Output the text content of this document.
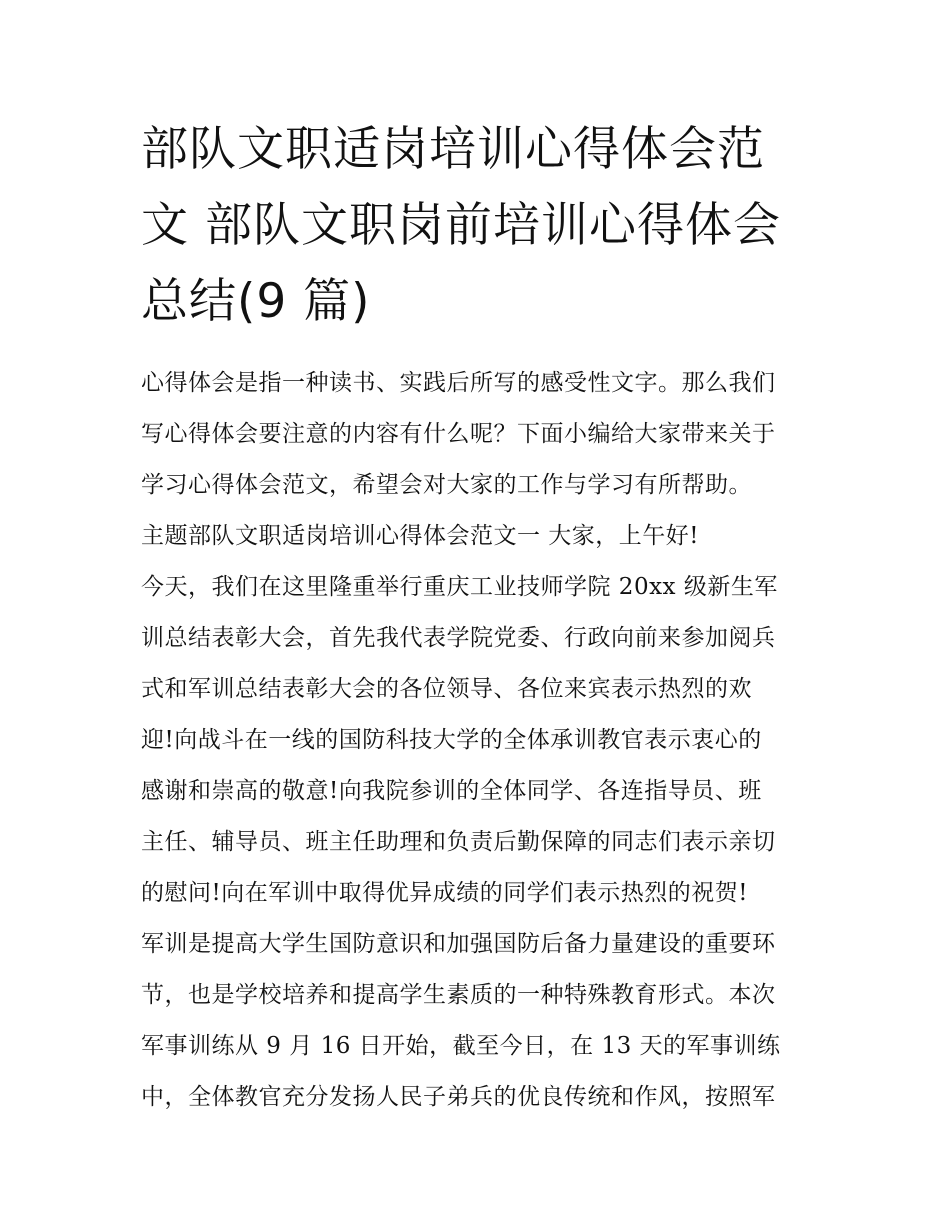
部队文职适岗培训心得体会范
文 部队文职岗前培训心得体会
总结(9 篇)
心得体会是指一种读书、实践后所写的感受性文字。那么我们
写心得体会要注意的内容有什么呢？下面小编给大家带来关于
学习心得体会范文，希望会对大家的工作与学习有所帮助。
主题部队文职适岗培训心得体会范文一 大家，上午好!
今天，我们在这里隆重举行重庆工业技师学院 20xx 级新生军
训总结表彰大会，首先我代表学院党委、行政向前来参加阅兵
式和军训总结表彰大会的各位领导、各位来宾表示热烈的欢
迎!向战斗在一线的国防科技大学的全体承训教官表示衷心的
感谢和崇高的敬意!向我院参训的全体同学、各连指导员、班
主任、辅导员、班主任助理和负责后勤保障的同志们表示亲切
的慰问!向在军训中取得优异成绩的同学们表示热烈的祝贺!
军训是提高大学生国防意识和加强国防后备力量建设的重要环
节，也是学校培养和提高学生素质的一种特殊教育形式。本次
军事训练从 9 月 16 日开始，截至今日，在 13 天的军事训练
中，全体教官充分发扬人民子弟兵的优良传统和作风，按照军
